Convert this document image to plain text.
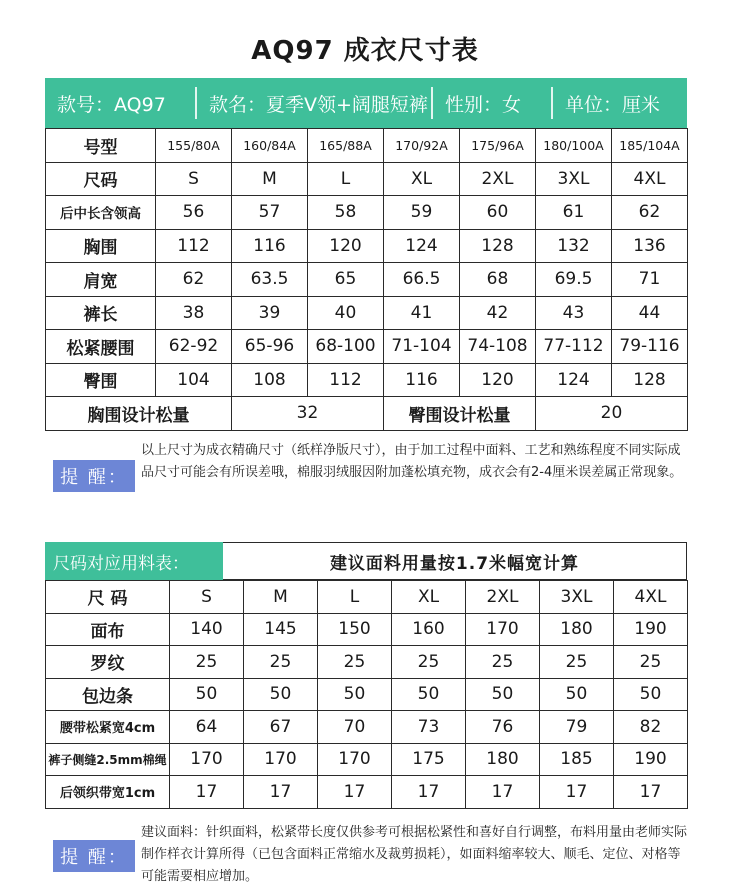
AQ97 成衣尺寸表
款号：AQ97	款名：夏季V领+阔腿短裤 性别：女	单位：厘米
号型	155/80A	160/84A	165/88A	170/92A	175/96A	180/100A	185/104A
尺码	S	M	L	XL	2XL	3XL	4XL
后中长含领高	56	57	58	59	60	61	62
胸围	112	116	120	124	128	132	136
肩宽	62	63.5	65	66.5	68	69.5	71
裤长	38	39	40	41	42	43	44
松紧腰围	62-92	65-96	68-100	71-104	74-108	77-112	79-116
臀围	104	108	112	116	120	124	128
胸围设计松量		32		臀围设计松量		20	
提 醒：
以上尺寸为成衣精确尺寸（纸样净版尺寸），由于加工过程中面料、工艺和熟练程度不同实际成品尺寸可能会有所误差哦，棉服羽绒服因附加蓬松填充物，成衣会有2-4厘米误差属正常现象。
尺码对应用料表：	建议面料用量按1.7米幅宽计算
尺 码	S	M	L	XL	2XL	3XL	4XL
面布	140	145	150	160	170	180	190
罗纹	25	25	25	25	25	25	25
包边条	50	50	50	50	50	50	50
腰带松紧宽4cm	64	67	70	73	76	79	82
裤子侧缝2.5mm棉绳	170	170	170	175	180	185	190
后领织带宽1cm	17	17	17	17	17	17	17
提 醒：
建议面料：针织面料，松紧带长度仅供参考可根据松紧性和喜好自行调整，布料用量由老师实际制作样衣计算所得（已包含面料正常缩水及裁剪损耗），如面料缩率较大、顺毛、定位、对格等可能需要相应增加。
